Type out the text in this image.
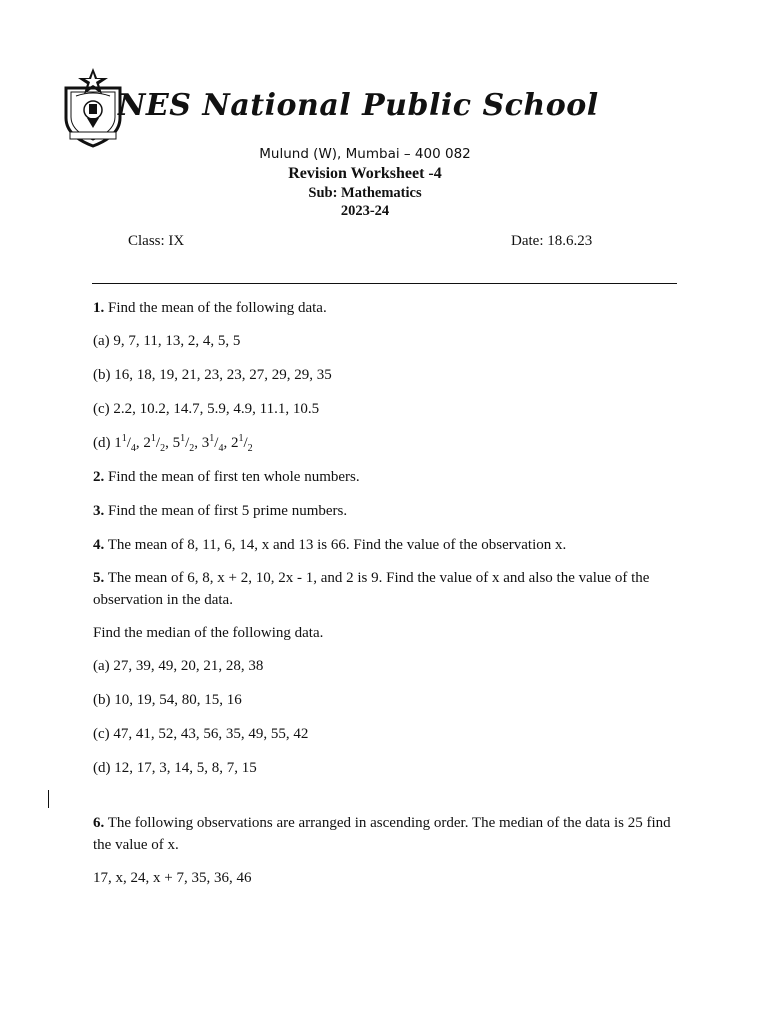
NES National Public School
Mulund (W), Mumbai – 400 082
Revision Worksheet -4
Sub: Mathematics
2023-24
Class: IX	Date: 18.6.23

1. Find the mean of the following data.

(a) 9, 7, 11, 13, 2, 4, 5, 5

(b) 16, 18, 19, 21, 23, 23, 27, 29, 29, 35

(c) 2.2, 10.2, 14.7, 5.9, 4.9, 11.1, 10.5

(d) $1^1/_4$, $2^1/_2$, $5^1/_2$, $3^1/_4$, $2^1/_2$

2. Find the mean of first ten whole numbers.

3. Find the mean of first 5 prime numbers.

4. The mean of 8, 11, 6, 14, x and 13 is 66. Find the value of the observation x.

5. The mean of 6, 8, x + 2, 10, 2x - 1, and 2 is 9. Find the value of x and also the value of the observation in the data.

Find the median of the following data.

(a) 27, 39, 49, 20, 21, 28, 38

(b) 10, 19, 54, 80, 15, 16

(c) 47, 41, 52, 43, 56, 35, 49, 55, 42

(d) 12, 17, 3, 14, 5, 8, 7, 15

6. The following observations are arranged in ascending order. The median of the data is 25 find the value of x.

17, x, 24, x + 7, 35, 36, 46
